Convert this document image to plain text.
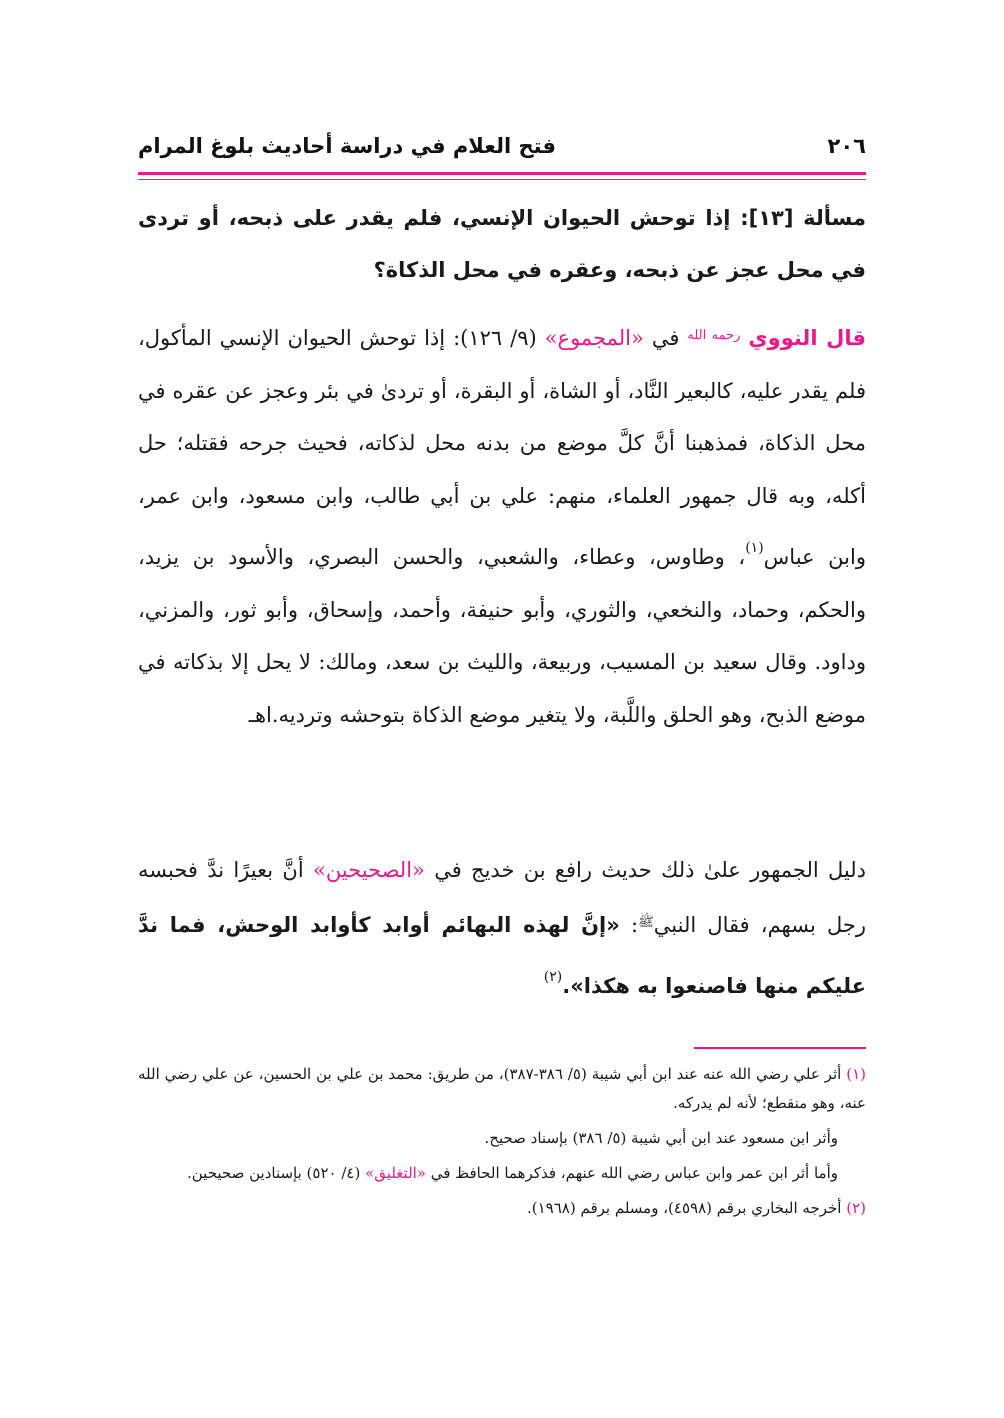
٢٠٦
فتح العلام في دراسة أحاديث بلوغ المرام
مسألة [١٣]: إذا توحش الحيوان الإنسي، فلم يقدر على ذبحه، أو تردى في محل عجز عن ذبحه، وعقره في محل الذكاة؟

قال النووي $^{رحمه الله}$ في «المجموع» (٩/ ١٢٦): إذا توحش الحيوان الإنسي المأكول، فلم يقدر عليه، كالبعير النَّاد، أو الشاة، أو البقرة، أو تردىٰ في بئر وعجز عن عقره في محل الذكاة، فمذهبنا أنَّ كلَّ موضع من بدنه محل لذكاته، فحيث جرحه فقتله؛ حل أكله، وبه قال جمهور العلماء، منهم: علي بن أبي طالب، وابن مسعود، وابن عمر، وابن عباس$^{(١)}$، وطاوس، وعطاء، والشعبي، والحسن البصري، والأسود بن يزيد، والحكم، وحماد، والنخعي، والثوري، وأبو حنيفة، وأحمد، وإسحاق، وأبو ثور، والمزني، وداود. وقال سعيد بن المسيب، وربيعة، والليث بن سعد، ومالك: لا يحل إلا بذكاته في موضع الذبح، وهو الحلق واللَّبة، ولا يتغير موضع الذكاة بتوحشه وترديه.اهـ

دليل الجمهور علىٰ ذلك حديث رافع بن خديج في «الصحيحين» أنَّ بعيرًا ندَّ فحبسه رجل بسهم، فقال النبي$^ﷺ$: «إنَّ لهذه البهائم أوابد كأوابد الوحش، فما ندَّ عليكم منها فاصنعوا به هكذا».$^{(٢)}$

(١) أثر علي رضي الله عنه عند ابن أبي شيبة (٥/ ٣٨٦-٣٨٧)، من طريق: محمد بن علي بن الحسين، عن علي رضي الله عنه، وهو منقطع؛ لأنه لم يدركه.

وأثر ابن مسعود عند ابن أبي شيبة (٥/ ٣٨٦) بإسناد صحيح.

وأما أثر ابن عمر وابن عباس رضي الله عنهم، فذكرهما الحافظ في «التغليق» (٤/ ٥٢٠) بإسنادين صحيحين.

(٢) أخرجه البخاري برقم (٤٥٩٨)، ومسلم برقم (١٩٦٨).
